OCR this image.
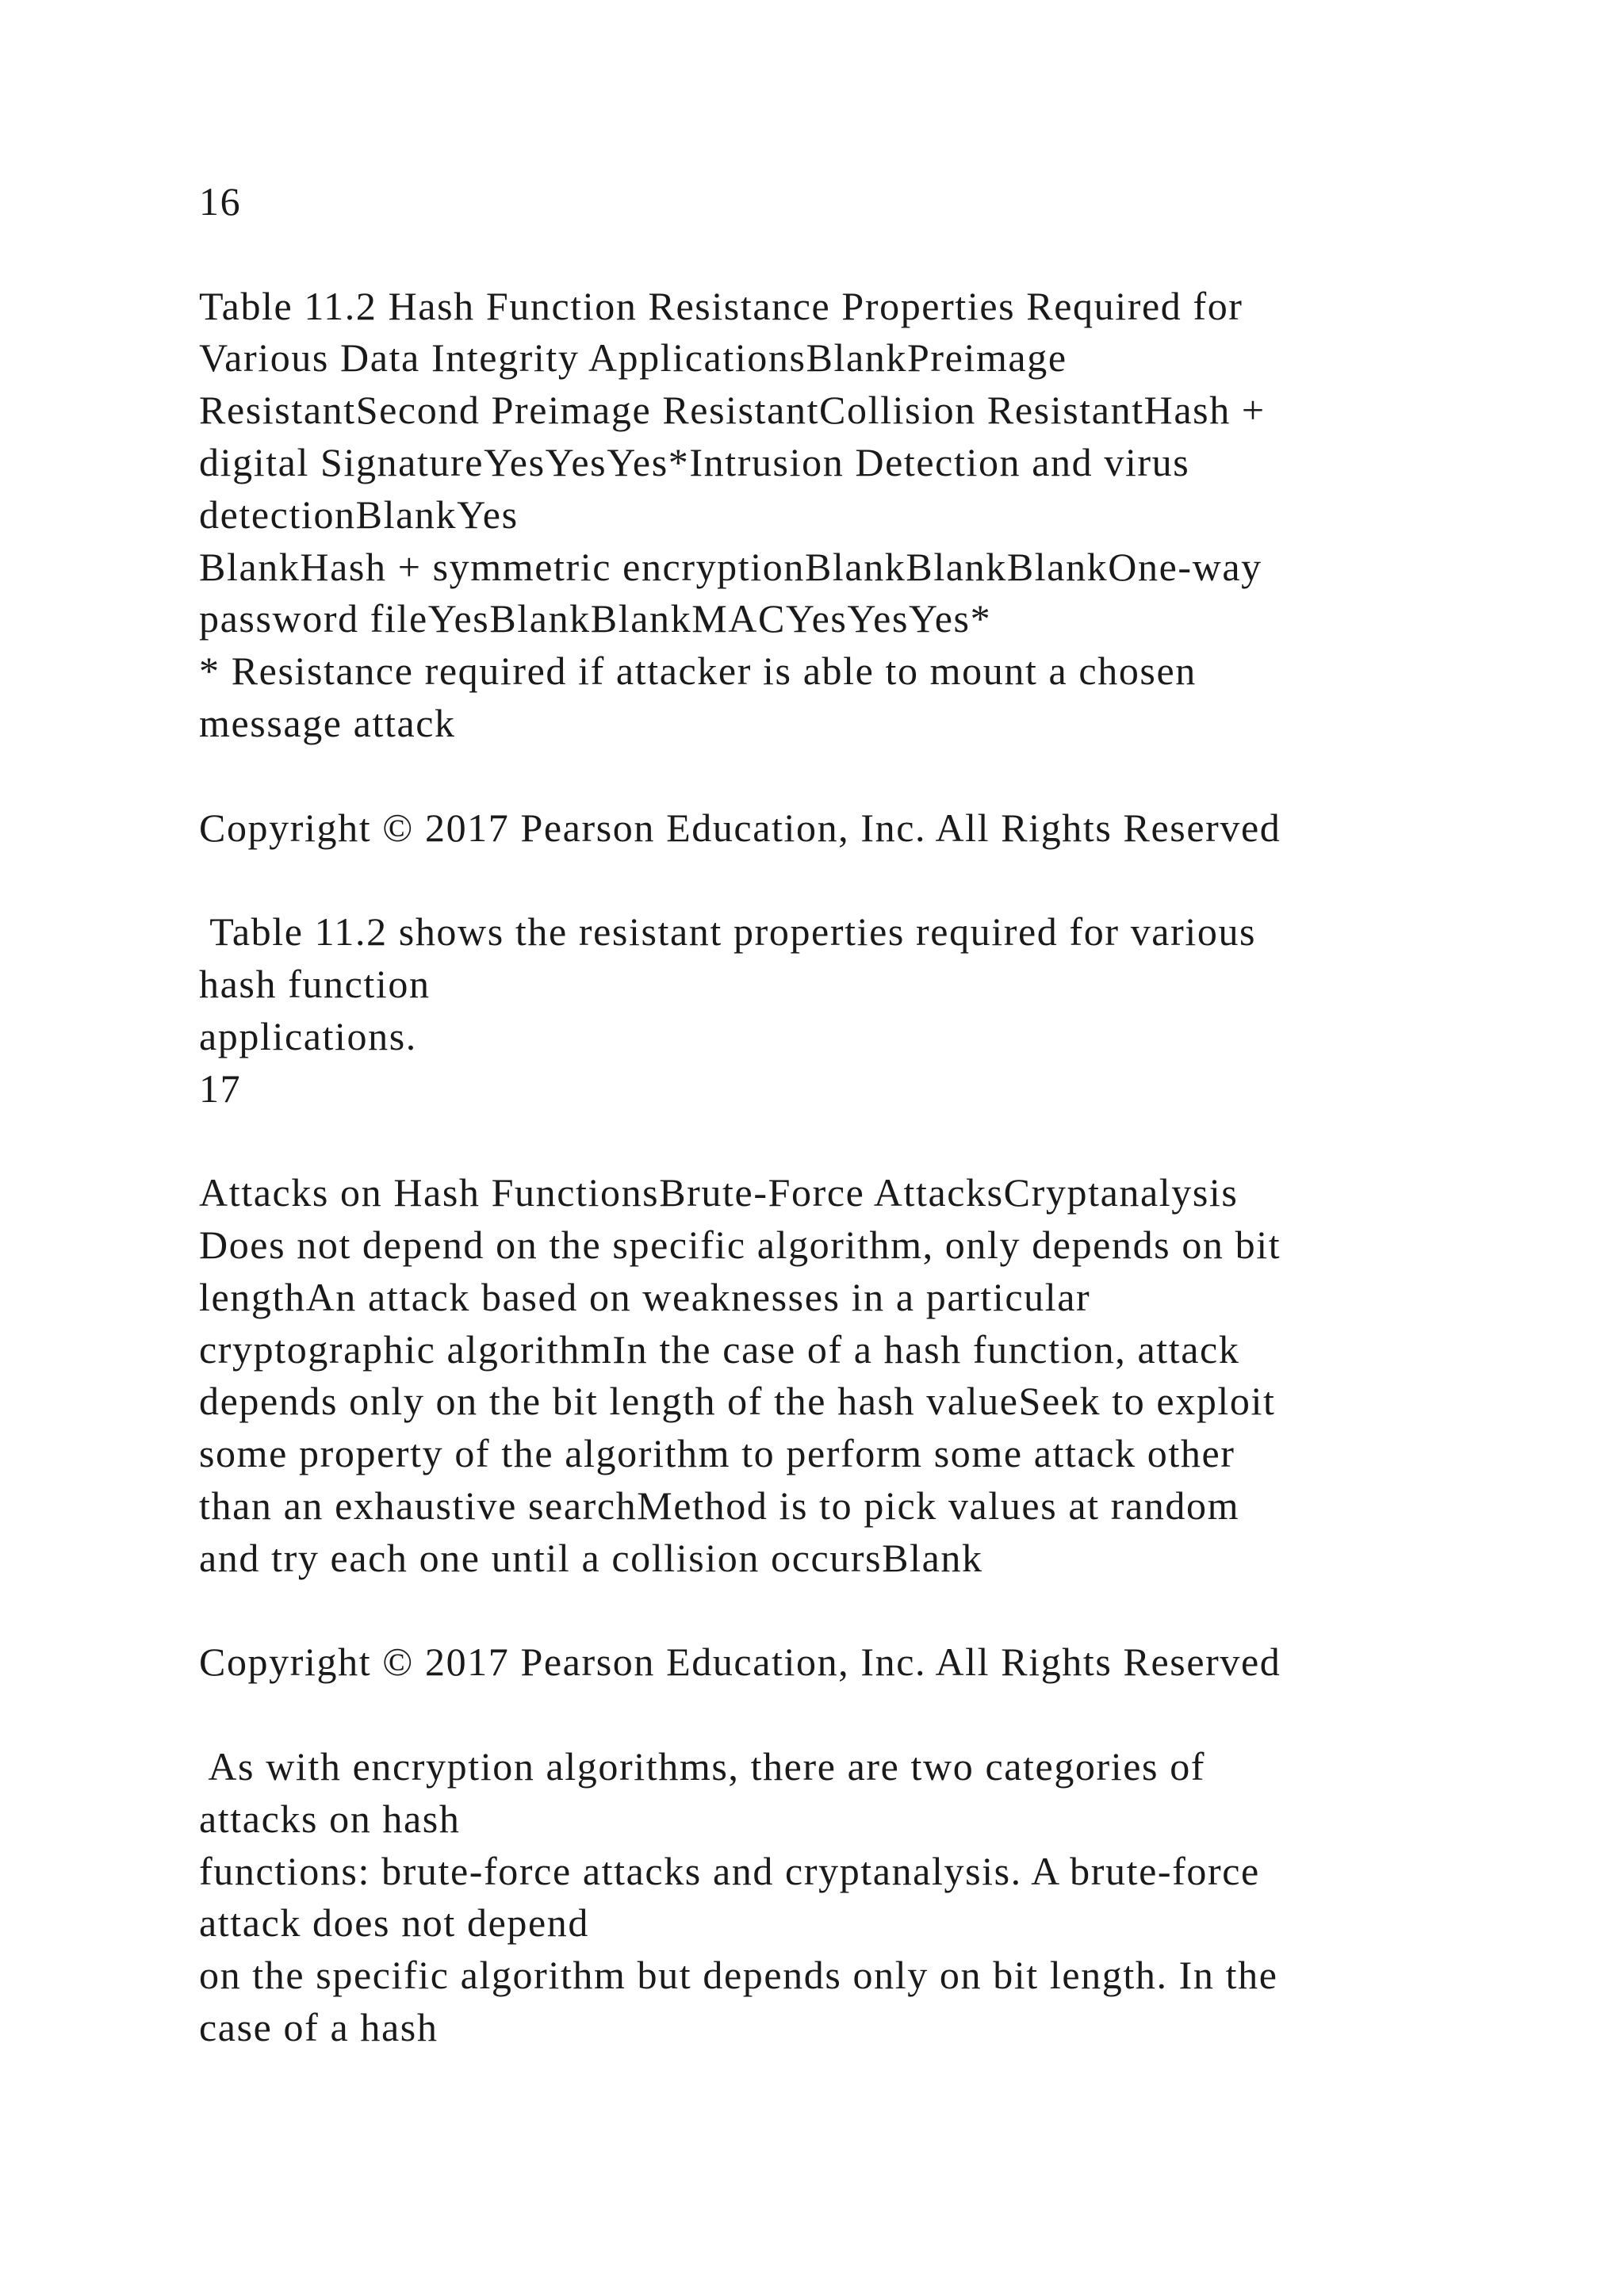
16
Table 11.2 Hash Function Resistance Properties Required for
Various Data Integrity ApplicationsBlankPreimage
ResistantSecond Preimage ResistantCollision ResistantHash +
digital SignatureYesYesYes*Intrusion Detection and virus
detectionBlankYes
BlankHash + symmetric encryptionBlankBlankBlankOne-way
password fileYesBlankBlankMACYesYesYes*
* Resistance required if attacker is able to mount a chosen
message attack
Copyright © 2017 Pearson Education, Inc. All Rights Reserved
Table 11.2 shows the resistant properties required for various
hash function
applications.
17
Attacks on Hash FunctionsBrute-Force AttacksCryptanalysis
Does not depend on the specific algorithm, only depends on bit
lengthAn attack based on weaknesses in a particular
cryptographic algorithmIn the case of a hash function, attack
depends only on the bit length of the hash valueSeek to exploit
some property of the algorithm to perform some attack other
than an exhaustive searchMethod is to pick values at random
and try each one until a collision occursBlank
Copyright © 2017 Pearson Education, Inc. All Rights Reserved
As with encryption algorithms, there are two categories of
attacks on hash
functions: brute-force attacks and cryptanalysis. A brute-force
attack does not depend
on the specific algorithm but depends only on bit length. In the
case of a hash
